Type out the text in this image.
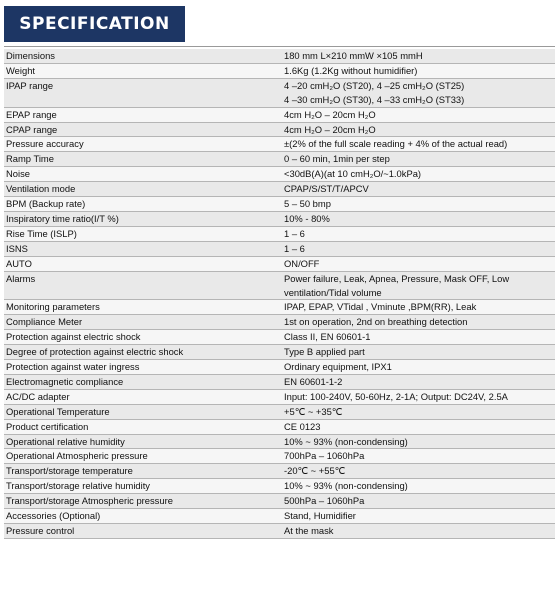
SPECIFICATION
Dimensions	180 mm L×210 mmW ×105 mmH

Weight	1.6Kg (1.2Kg without humidifier)

IPAP range	4 –20 cmH₂O (ST20), 4 –25 cmH₂O (ST25)
4 –30 cmH₂O (ST30), 4 –33 cmH₂O (ST33)

EPAP range	4cm H₂O – 20cm H₂O

CPAP range	4cm H₂O – 20cm H₂O

Pressure accuracy	±(2% of the full scale reading + 4% of the actual read)

Ramp Time	0 – 60 min, 1min per step

Noise	<30dB(A)(at 10 cmH₂O/~1.0kPa)

Ventilation mode	CPAP/S/ST/T/APCV

BPM (Backup rate)	5 – 50 bmp

Inspiratory time ratio(I/T %)	10% - 80%

Rise Time (ISLP)	1 – 6

ISNS	1 – 6

AUTO	ON/OFF

Alarms	Power failure, Leak, Apnea, Pressure, Mask OFF, Low
ventilation/Tidal volume

Monitoring parameters	IPAP, EPAP, VTidal , Vminute ,BPM(RR), Leak

Compliance Meter	1st on operation, 2nd on breathing detection

Protection against electric shock	Class II, EN 60601-1

Degree of protection against electric shock	Type B applied part

Protection against water ingress	Ordinary equipment, IPX1

Electromagnetic compliance	EN 60601-1-2

AC/DC adapter	Input: 100-240V, 50-60Hz, 2-1A; Output: DC24V, 2.5A

Operational Temperature	+5℃ ~ +35℃

Product certification	CE 0123

Operational relative humidity	10% ~ 93% (non-condensing)

Operational Atmospheric pressure	700hPa – 1060hPa

Transport/storage temperature	-20℃ ~ +55℃

Transport/storage relative humidity	10% ~ 93% (non-condensing)

Transport/storage Atmospheric pressure	500hPa – 1060hPa

Accessories (Optional)	Stand, Humidifier

Pressure control	At the mask
